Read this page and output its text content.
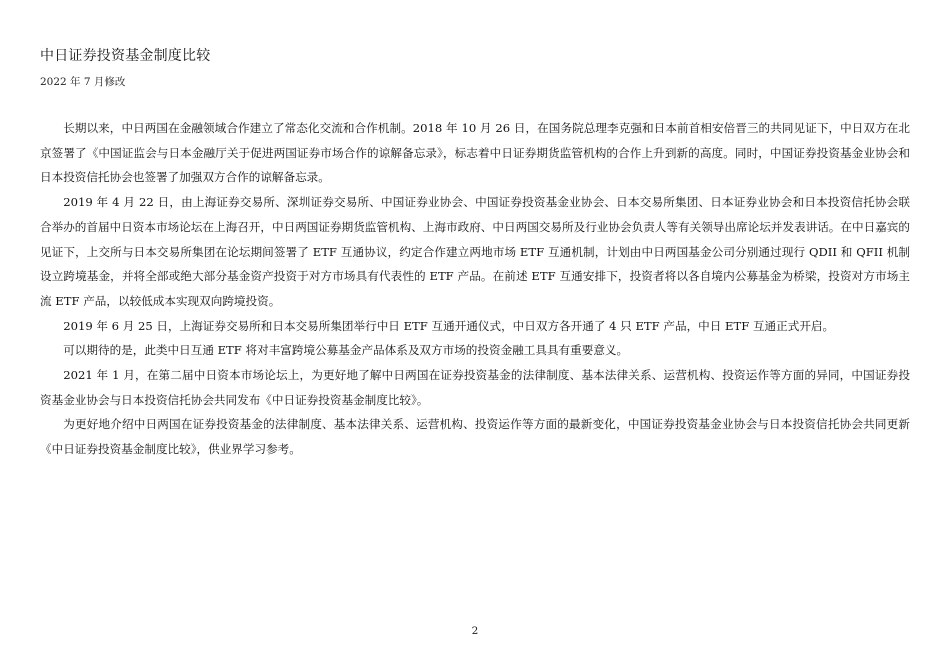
中日证券投资基金制度比较
2022 年 7 月修改

长期以来，中日两国在金融领域合作建立了常态化交流和合作机制。2018 年 10 月 26 日，在国务院总理李克强和日本前首相安倍晋三的共同见证下，中日双方在北京签署了《中国证监会与日本金融厅关于促进两国证券市场合作的谅解备忘录》，标志着中日证券期货监管机构的合作上升到新的高度。同时，中国证券投资基金业协会和日本投资信托协会也签署了加强双方合作的谅解备忘录。

2019 年 4 月 22 日，由上海证券交易所、深圳证券交易所、中国证券业协会、中国证券投资基金业协会、日本交易所集团、日本证券业协会和日本投资信托协会联合举办的首届中日资本市场论坛在上海召开，中日两国证券期货监管机构、上海市政府、中日两国交易所及行业协会负责人等有关领导出席论坛并发表讲话。在中日嘉宾的见证下，上交所与日本交易所集团在论坛期间签署了 ETF 互通协议，约定合作建立两地市场 ETF 互通机制，计划由中日两国基金公司分别通过现行 QDII 和 QFII 机制设立跨境基金，并将全部或绝大部分基金资产投资于对方市场具有代表性的 ETF 产品。在前述 ETF 互通安排下，投资者将以各自境内公募基金为桥梁，投资对方市场主流 ETF 产品，以较低成本实现双向跨境投资。

2019 年 6 月 25 日，上海证券交易所和日本交易所集团举行中日 ETF 互通开通仪式，中日双方各开通了 4 只 ETF 产品，中日 ETF 互通正式开启。

可以期待的是，此类中日互通 ETF 将对丰富跨境公募基金产品体系及双方市场的投资金融工具具有重要意义。

2021 年 1 月，在第二届中日资本市场论坛上，为更好地了解中日两国在证券投资基金的法律制度、基本法律关系、运营机构、投资运作等方面的异同，中国证券投资基金业协会与日本投资信托协会共同发布《中日证券投资基金制度比较》。

为更好地介绍中日两国在证券投资基金的法律制度、基本法律关系、运营机构、投资运作等方面的最新变化，中国证券投资基金业协会与日本投资信托协会共同更新《中日证券投资基金制度比较》，供业界学习参考。

2
